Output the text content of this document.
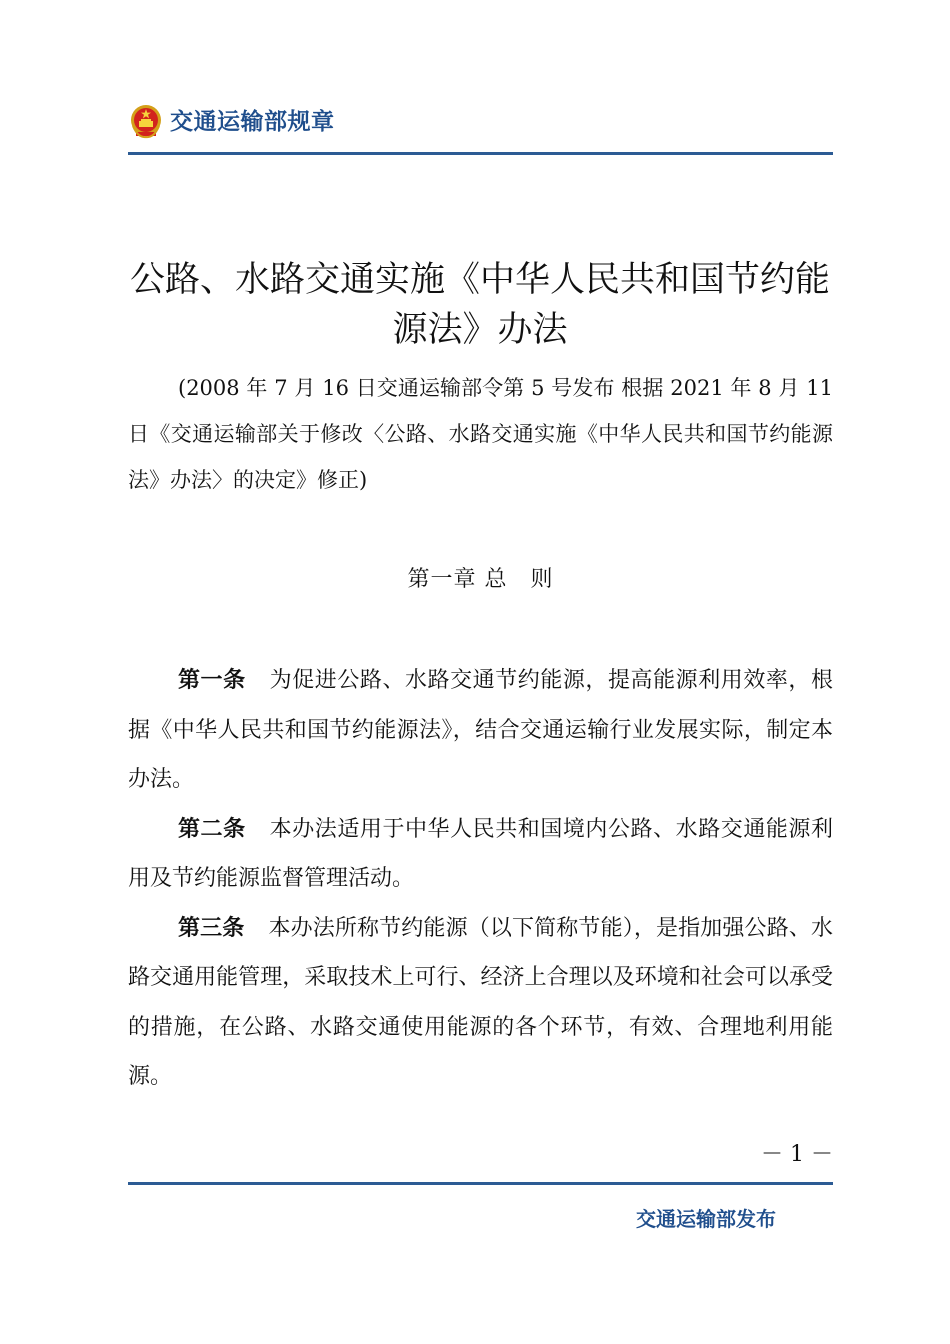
交通运输部规章
公路、水路交通实施《中华人民共和国节约能源法》办法
(2008 年 7 月 16 日交通运输部令第 5 号发布 根据 2021 年 8 月 11 日《交通运输部关于修改〈公路、水路交通实施《中华人民共和国节约能源法》办法〉的决定》修正)
第一章 总　则

第一条 为促进公路、水路交通节约能源，提高能源利用效率，根据《中华人民共和国节约能源法》，结合交通运输行业发展实际，制定本办法。

第二条 本办法适用于中华人民共和国境内公路、水路交通能源利用及节约能源监督管理活动。

第三条 本办法所称节约能源（以下简称节能），是指加强公路、水路交通用能管理，采取技术上可行、经济上合理以及环境和社会可以承受的措施，在公路、水路交通使用能源的各个环节，有效、合理地利用能源。

－ 1 －
交通运输部发布
